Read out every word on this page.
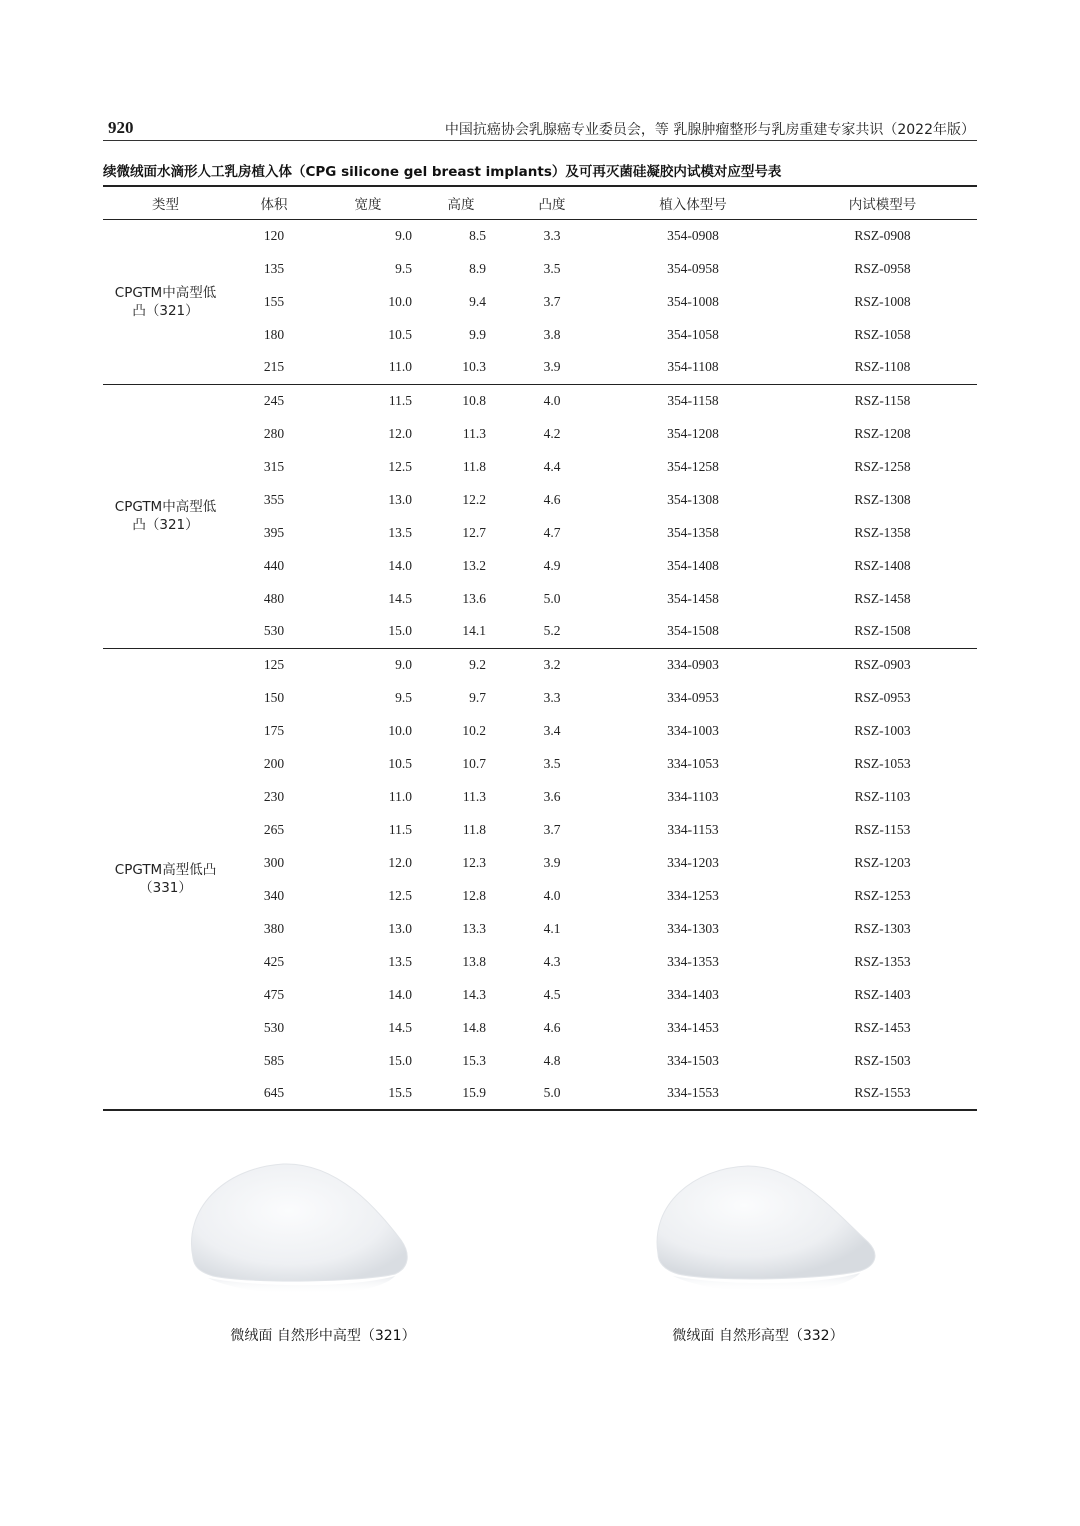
920	中国抗癌协会乳腺癌专业委员会，等 乳腺肿瘤整形与乳房重建专家共识（2022年版）
续微绒面水滴形人工乳房植入体（CPG silicone gel breast implants）及可再灭菌硅凝胶内试模对应型号表
类型	体积	宽度	高度	凸度	植入体型号	内试模型号

CPGTM中高型低
凸（321）	120	9.0	8.5	3.3	354-0908	RSZ-0908
	135	9.5	8.9	3.5	354-0958	RSZ-0958
	155	10.0	9.4	3.7	354-1008	RSZ-1008
	180	10.5	9.9	3.8	354-1058	RSZ-1058
	215	11.0	10.3	3.9	354-1108	RSZ-1108

CPGTM中高型低
凸（321）	245	11.5	10.8	4.0	354-1158	RSZ-1158
	280	12.0	11.3	4.2	354-1208	RSZ-1208
	315	12.5	11.8	4.4	354-1258	RSZ-1258
	355	13.0	12.2	4.6	354-1308	RSZ-1308
	395	13.5	12.7	4.7	354-1358	RSZ-1358
	440	14.0	13.2	4.9	354-1408	RSZ-1408
	480	14.5	13.6	5.0	354-1458	RSZ-1458
	530	15.0	14.1	5.2	354-1508	RSZ-1508

CPGTM高型低凸
（331）	125	9.0	9.2	3.2	334-0903	RSZ-0903
	150	9.5	9.7	3.3	334-0953	RSZ-0953
	175	10.0	10.2	3.4	334-1003	RSZ-1003
	200	10.5	10.7	3.5	334-1053	RSZ-1053
	230	11.0	11.3	3.6	334-1103	RSZ-1103
	265	11.5	11.8	3.7	334-1153	RSZ-1153
	300	12.0	12.3	3.9	334-1203	RSZ-1203
	340	12.5	12.8	4.0	334-1253	RSZ-1253
	380	13.0	13.3	4.1	334-1303	RSZ-1303
	425	13.5	13.8	4.3	334-1353	RSZ-1353
	475	14.0	14.3	4.5	334-1403	RSZ-1403
	530	14.5	14.8	4.6	334-1453	RSZ-1453
	585	15.0	15.3	4.8	334-1503	RSZ-1503
	645	15.5	15.9	5.0	334-1553	RSZ-1553
微绒面 自然形中高型（321）	微绒面 自然形高型（332）
